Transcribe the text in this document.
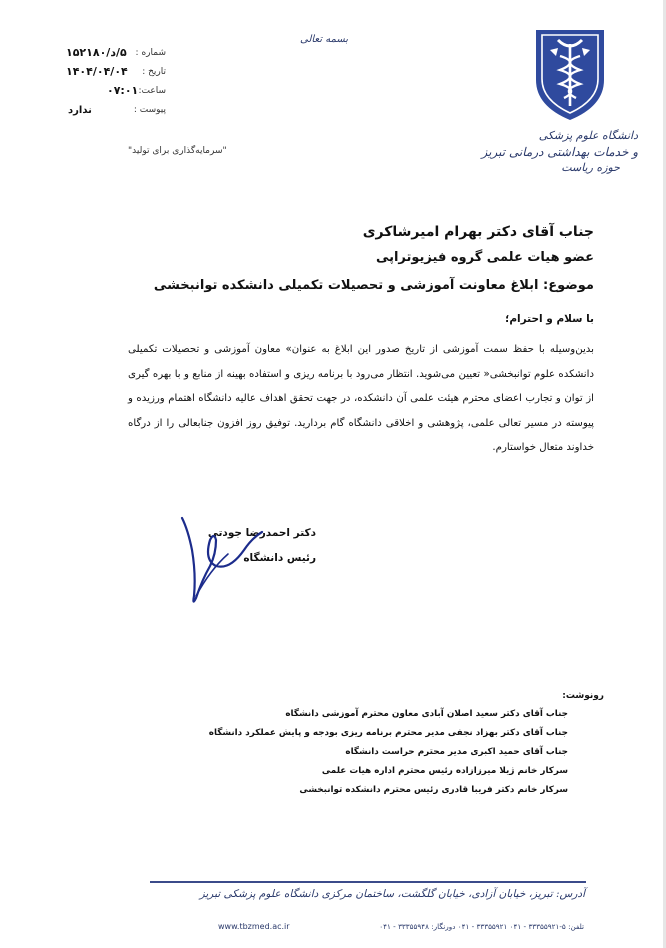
دانشگاه علوم پزشکی
و خدمات بهداشتی درمانی تبریز
حوزه ریاست
بسمه تعالی
شماره :
۵/د/۱۵۲۱۸۰
تاریخ :
۱۴۰۴/۰۴/۰۴
ساعت:
۰۷:۰۱
پیوست :
ندارد
"سرمایه‌گذاری برای تولید"
جناب آقای دکتر بهرام امیرشاکری
عضو هیات علمی گروه فیزیوتراپی
موضوع: ابلاغ معاونت آموزشی و تحصیلات تکمیلی دانشکده توانبخشی
با سلام و احترام؛
بدین‌وسیله با حفظ سمت آموزشی از تاریخ صدور این ابلاغ به عنوان» معاون آموزشی و تحصیلات تکمیلی دانشکده علوم توانبخشی« تعیین می‌شوید. انتظار می‌رود با برنامه ریزی و استفاده بهینه از منابع و با بهره گیری از توان و تجارب اعضای محترم هیئت علمی آن دانشکده، در جهت تحقق اهداف عالیه دانشگاه اهتمام ورزیده و پیوسته در مسیر تعالی علمی، پژوهشی و اخلاقی دانشگاه گام بردارید. توفیق روز افزون جنابعالی را از درگاه خداوند متعال خواستارم.
دکتر احمدرضا جودتی
رئیس دانشگاه
رونوشت:
جناب آقای دکتر سعید اصلان آبادی معاون محترم آموزشی دانشگاه
جناب آقای دکتر بهزاد نجفی مدیر محترم برنامه ریزی بودجه و پایش عملکرد دانشگاه
جناب آقای حمید اکبری مدیر محترم حراست دانشگاه
سرکار خانم ژیلا میرزازاده رئیس محترم اداره هیات علمی
سرکار خانم دکتر فریبا قادری رئیس محترم دانشکده توانبخشی
آدرس: تبریز، خیابان آزادی، خیابان گلگشت، ساختمان مرکزی دانشگاه علوم پزشکی تبریز
www.tbzmed.ac.ir	تلفن: ۵-۳۳۳۵۵۹۲۱ - ۰۴۱ ۳۳۳۵۵۹۲۱ - ۰۴۱ دورنگار: ۳۳۳۵۵۹۴۸ - ۰۴۱
